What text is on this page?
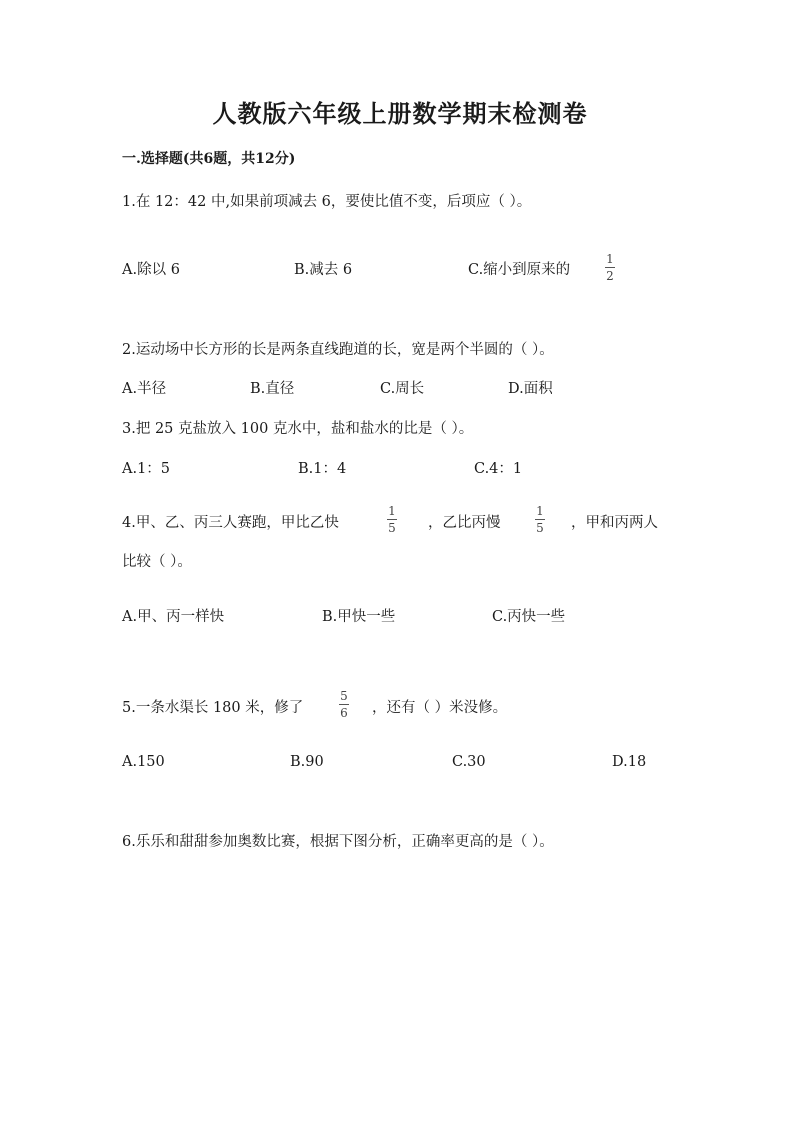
人教版六年级上册数学期末检测卷
一.选择题(共6题，共12分)
1.在 12：42 中,如果前项减去 6，要使比值不变，后项应（ ）。
A.除以 6	B.减去 6	C.缩小到原来的
1
2
2.运动场中长方形的长是两条直线跑道的长，宽是两个半圆的（ ）。
A.半径	B.直径	C.周长	D.面积
3.把 25 克盐放入 100 克水中，盐和盐水的比是（ ）。
A.1：5	B.1：4	C.4：1
4.甲、乙、丙三人赛跑，甲比乙快
1
5 ，乙比丙慢
1
5 ，甲和丙两人
比较（ ）。
A.甲、丙一样快	B.甲快一些	C.丙快一些
5.一条水渠长 180 米，修了
5
6 ，还有（ ）米没修。
A.150	B.90	C.30	D.18
6.乐乐和甜甜参加奥数比赛，根据下图分析，正确率更高的是（ ）。
